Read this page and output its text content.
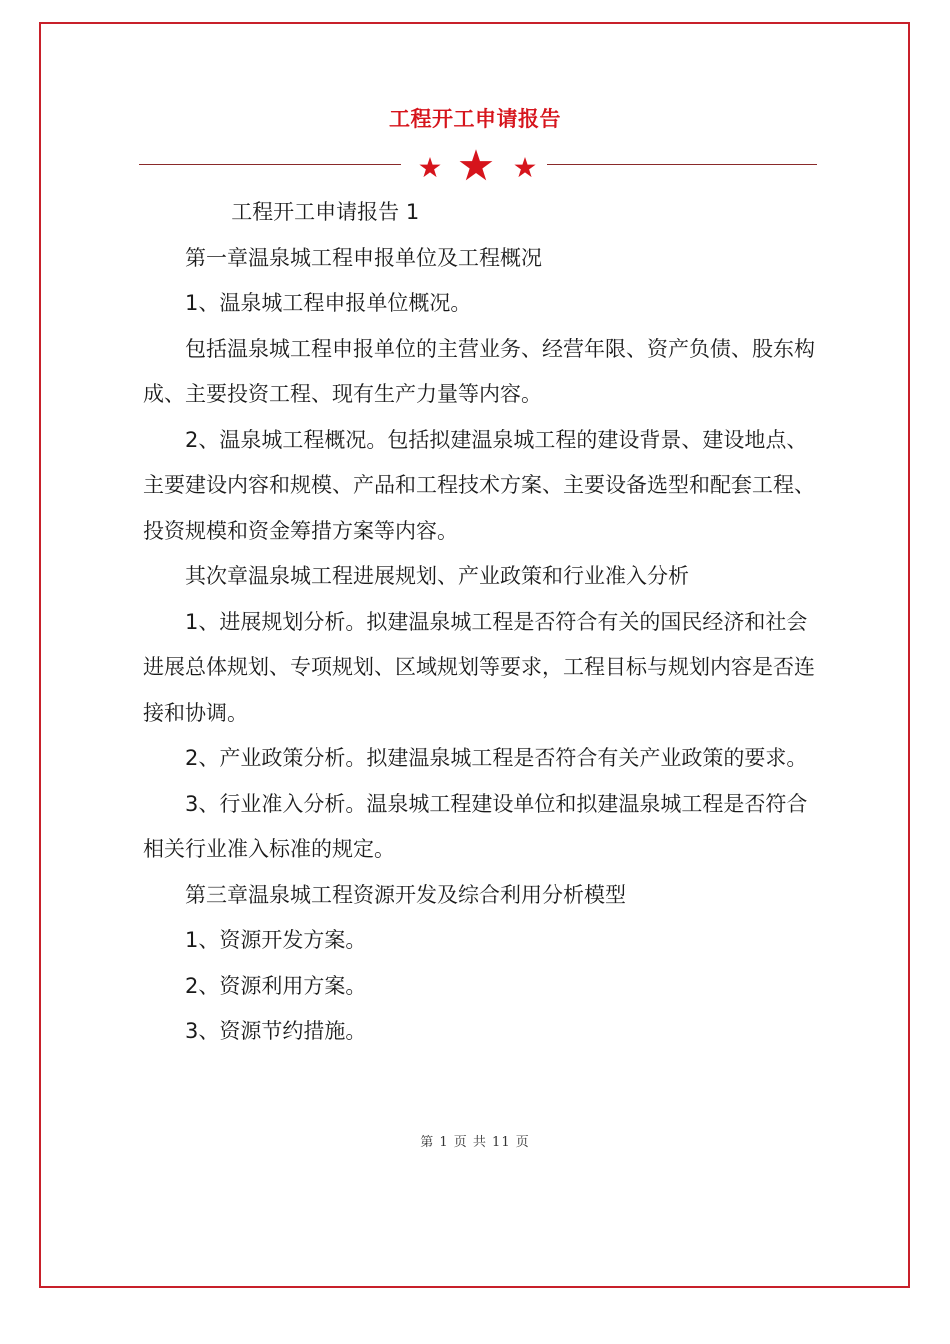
工程开工申请报告

工程开工申请报告 1

第一章温泉城工程申报单位及工程概况

1、温泉城工程申报单位概况。

包括温泉城工程申报单位的主营业务、经营年限、资产负债、股东构成、主要投资工程、现有生产力量等内容。

2、温泉城工程概况。包括拟建温泉城工程的建设背景、建设地点、主要建设内容和规模、产品和工程技术方案、主要设备选型和配套工程、投资规模和资金筹措方案等内容。

其次章温泉城工程进展规划、产业政策和行业准入分析

1、进展规划分析。拟建温泉城工程是否符合有关的国民经济和社会进展总体规划、专项规划、区域规划等要求，工程目标与规划内容是否连接和协调。

2、产业政策分析。拟建温泉城工程是否符合有关产业政策的要求。

3、行业准入分析。温泉城工程建设单位和拟建温泉城工程是否符合相关行业准入标准的规定。

第三章温泉城工程资源开发及综合利用分析模型

1、资源开发方案。

2、资源利用方案。

3、资源节约措施。

第 1 页 共 11 页
